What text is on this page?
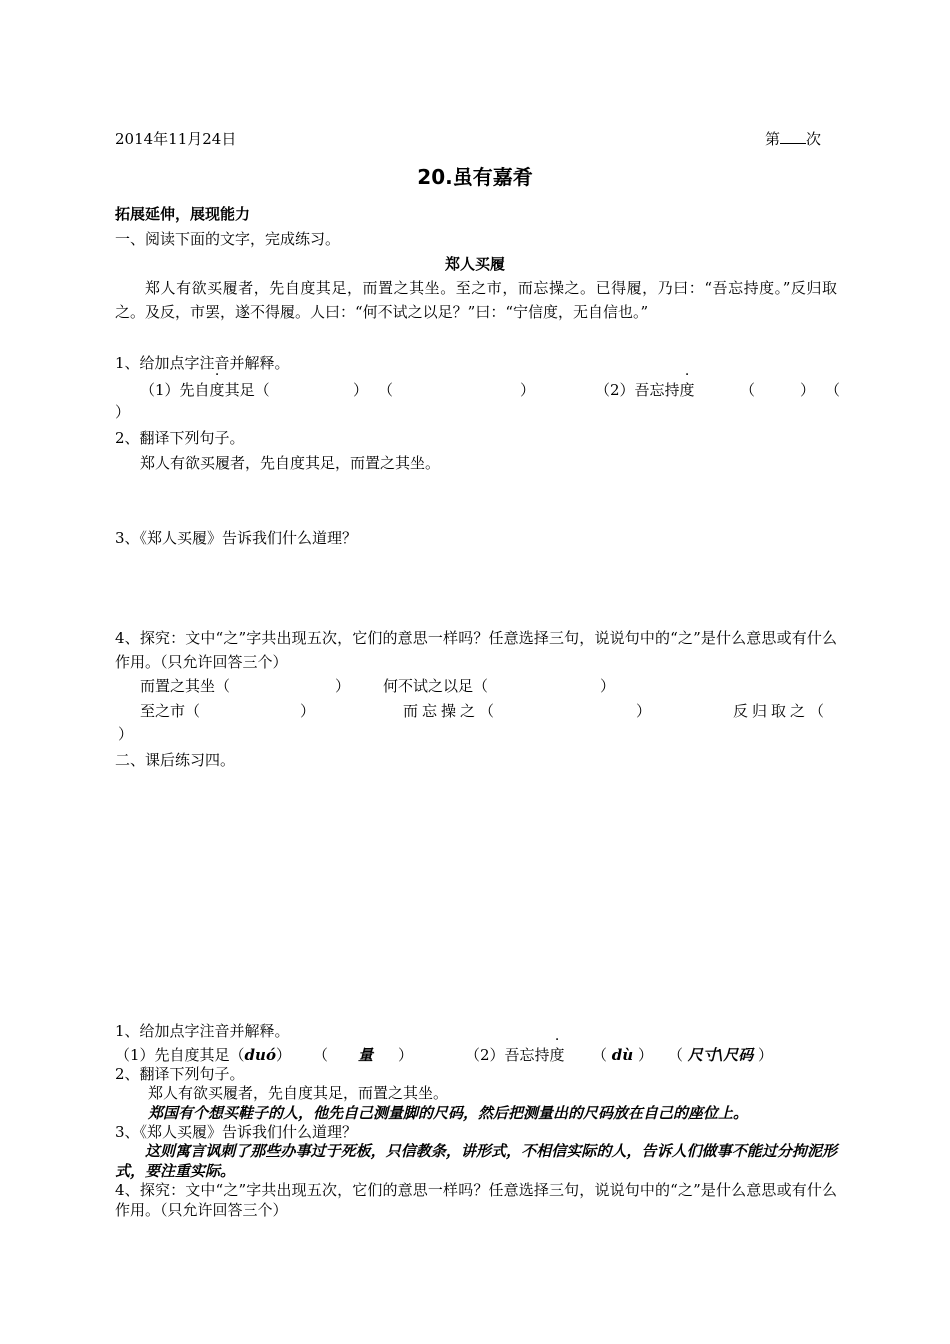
2014年11月24日	第 次
20.虽有嘉肴
拓展延伸，展现能力
一、阅读下面的文字，完成练习。
郑人买履
郑人有欲买履者，先自度其足，而置之其坐。至之市，而忘操之。已得履，乃曰：“吾忘持度。”反归取之。及反，市罢，遂不得履。人曰：“何不试之以足？”曰：“宁信度，无自信也。”
1、给加点字注音并解释。
（1）先自度其足（	） （	）	（2）吾忘持度	（	） （
）
2、翻译下列句子。
郑人有欲买履者，先自度其足，而置之其坐。
3、《郑人买履》告诉我们什么道理？
4、探究：文中“之”字共出现五次，它们的意思一样吗？任意选择三句，说说句中的“之”是什么意思或有什么作用。（只允许回答三个）
而置之其坐（	） 何不试之以足（	）
至之市（	）	而忘操之（	）	反归取之（
）
二、课后练习四。
1、给加点字注音并解释。
（1）先自度其足（duó） （ 量 ）	（2）吾忘持度 （ dù ） （ 尺寸\尺码 ）
2、翻译下列句子。
郑人有欲买履者，先自度其足，而置之其坐。
郑国有个想买鞋子的人，他先自己测量脚的尺码，然后把测量出的尺码放在自己的座位上。
3、《郑人买履》告诉我们什么道理？
这则寓言讽刺了那些办事过于死板，只信教条，讲形式，不相信实际的人，告诉人们做事不能过分拘泥形式，要注重实际。
4、探究：文中“之”字共出现五次，它们的意思一样吗？任意选择三句，说说句中的“之”是什么意思或有什么作用。（只允许回答三个）
